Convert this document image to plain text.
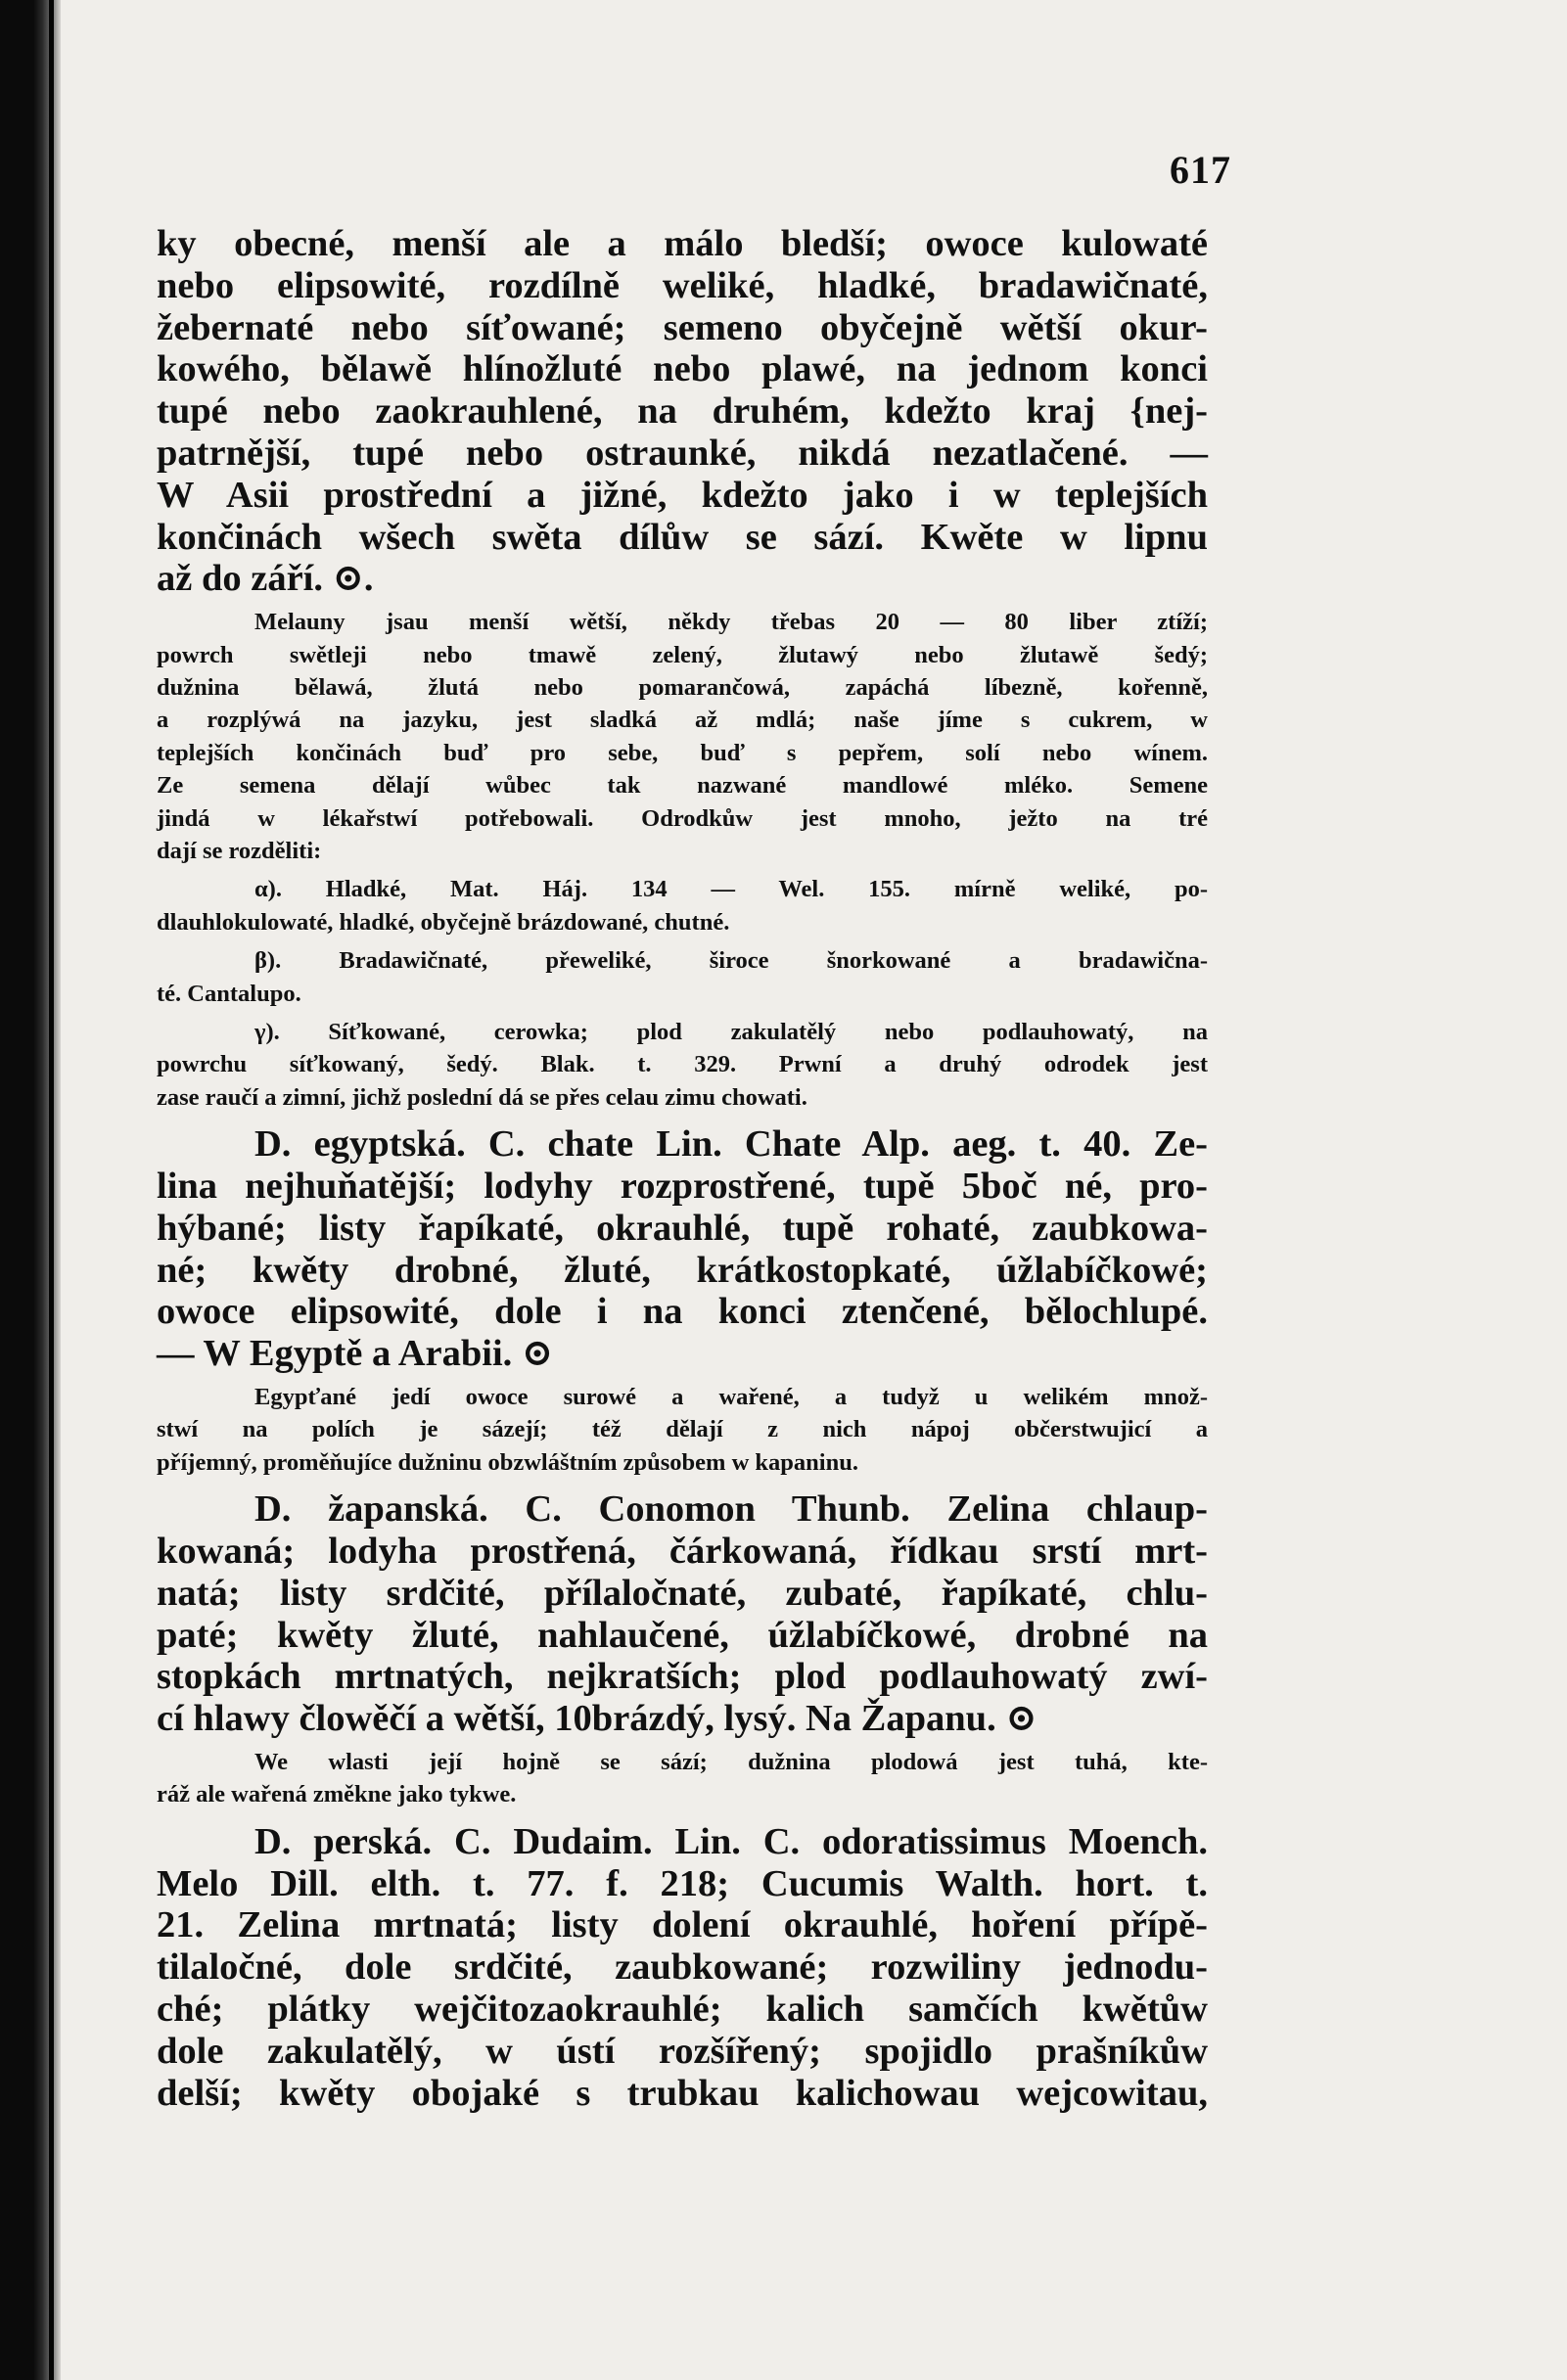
617
ky obecné, menší ale a málo bledší; owoce kulowaté
nebo elipsowité, rozdílně weliké, hladké, bradawičnaté,
žebernaté nebo síťowané; semeno obyčejně wětší okur-
kowého, bělawě hlínožluté nebo plawé, na jednom konci
tupé nebo zaokrauhlené, na druhém, kdežto kraj {nej-
patrnější, tupé nebo ostraunké, nikdá nezatlačené. —
W Asii prostřední a jižné, kdežto jako i w teplejších
končinách wšech swěta dílůw se sází. Kwěte w lipnu
až do září. ⊙.
Melauny jsau menší wětší, někdy třebas 20 — 80 liber ztíží;
powrch swětleji nebo tmawě zelený, žlutawý nebo žlutawě šedý;
dužnina bělawá, žlutá nebo pomarančowá, zapáchá líbezně, kořenně,
a rozplýwá na jazyku, jest sladká až mdlá; naše jíme s cukrem, w
teplejších končinách buď pro sebe, buď s pepřem, solí nebo wínem.
Ze semena dělají wůbec tak nazwané mandlowé mléko. Semene
jindá w lékařstwí potřebowali. Odrodkůw jest mnoho, ježto na tré
dají se rozděliti:
α). Hladké, Mat. Háj. 134 — Wel. 155. mírně weliké, po-
dlauhlokulowaté, hladké, obyčejně brázdowané, chutné.
β). Bradawičnaté, přeweliké, široce šnorkowané a bradawična-
té. Cantalupo.
γ). Síťkowané, cerowka; plod zakulatělý nebo podlauhowatý, na
powrchu síťkowaný, šedý. Blak. t. 329. Prwní a druhý odrodek jest
zase raučí a zimní, jichž poslední dá se přes celau zimu chowati.
D. egyptská. C. chate Lin. Chate Alp. aeg. t. 40. Ze-
lina nejhuňatější; lodyhy rozprostřené, tupě 5boč né, pro-
hýbané; listy řapíkaté, okrauhlé, tupě rohaté, zaubkowa-
né; kwěty drobné, žluté, krátkostopkaté, úžlabíčkowé;
owoce elipsowité, dole i na konci ztenčené, bělochlupé.
— W Egyptě a Arabii. ⊙
Egypťané jedí owoce surowé a wařené, a tudyž u welikém množ-
stwí na polích je sázejí; též dělají z nich nápoj občerstwujicí a
příjemný, proměňujíce dužninu obzwláštním způsobem w kapaninu.
D. žapanská. C. Conomon Thunb. Zelina chlaup-
kowaná; lodyha prostřená, čárkowaná, řídkau srstí mrt-
natá; listy srdčité, přílaločnaté, zubaté, řapíkaté, chlu-
paté; kwěty žluté, nahlaučené, úžlabíčkowé, drobné na
stopkách mrtnatých, nejkratších; plod podlauhowatý zwí-
cí hlawy člowěčí a wětší, 10brázdý, lysý. Na Žapanu. ⊙
We wlasti její hojně se sází; dužnina plodowá jest tuhá, kte-
ráž ale wařená změkne jako tykwe.
D. perská. C. Dudaim. Lin. C. odoratissimus Moench.
Melo Dill. elth. t. 77. f. 218; Cucumis Walth. hort. t.
21. Zelina mrtnatá; listy dolení okrauhlé, hoření přípě-
tilaločné, dole srdčité, zaubkowané; rozwiliny jednodu-
ché; plátky wejčitozaokrauhlé; kalich samčích kwětůw
dole zakulatělý, w ústí rozšířený; spojidlo prašníkůw
delší; kwěty obojaké s trubkau kalichowau wejcowitau,
